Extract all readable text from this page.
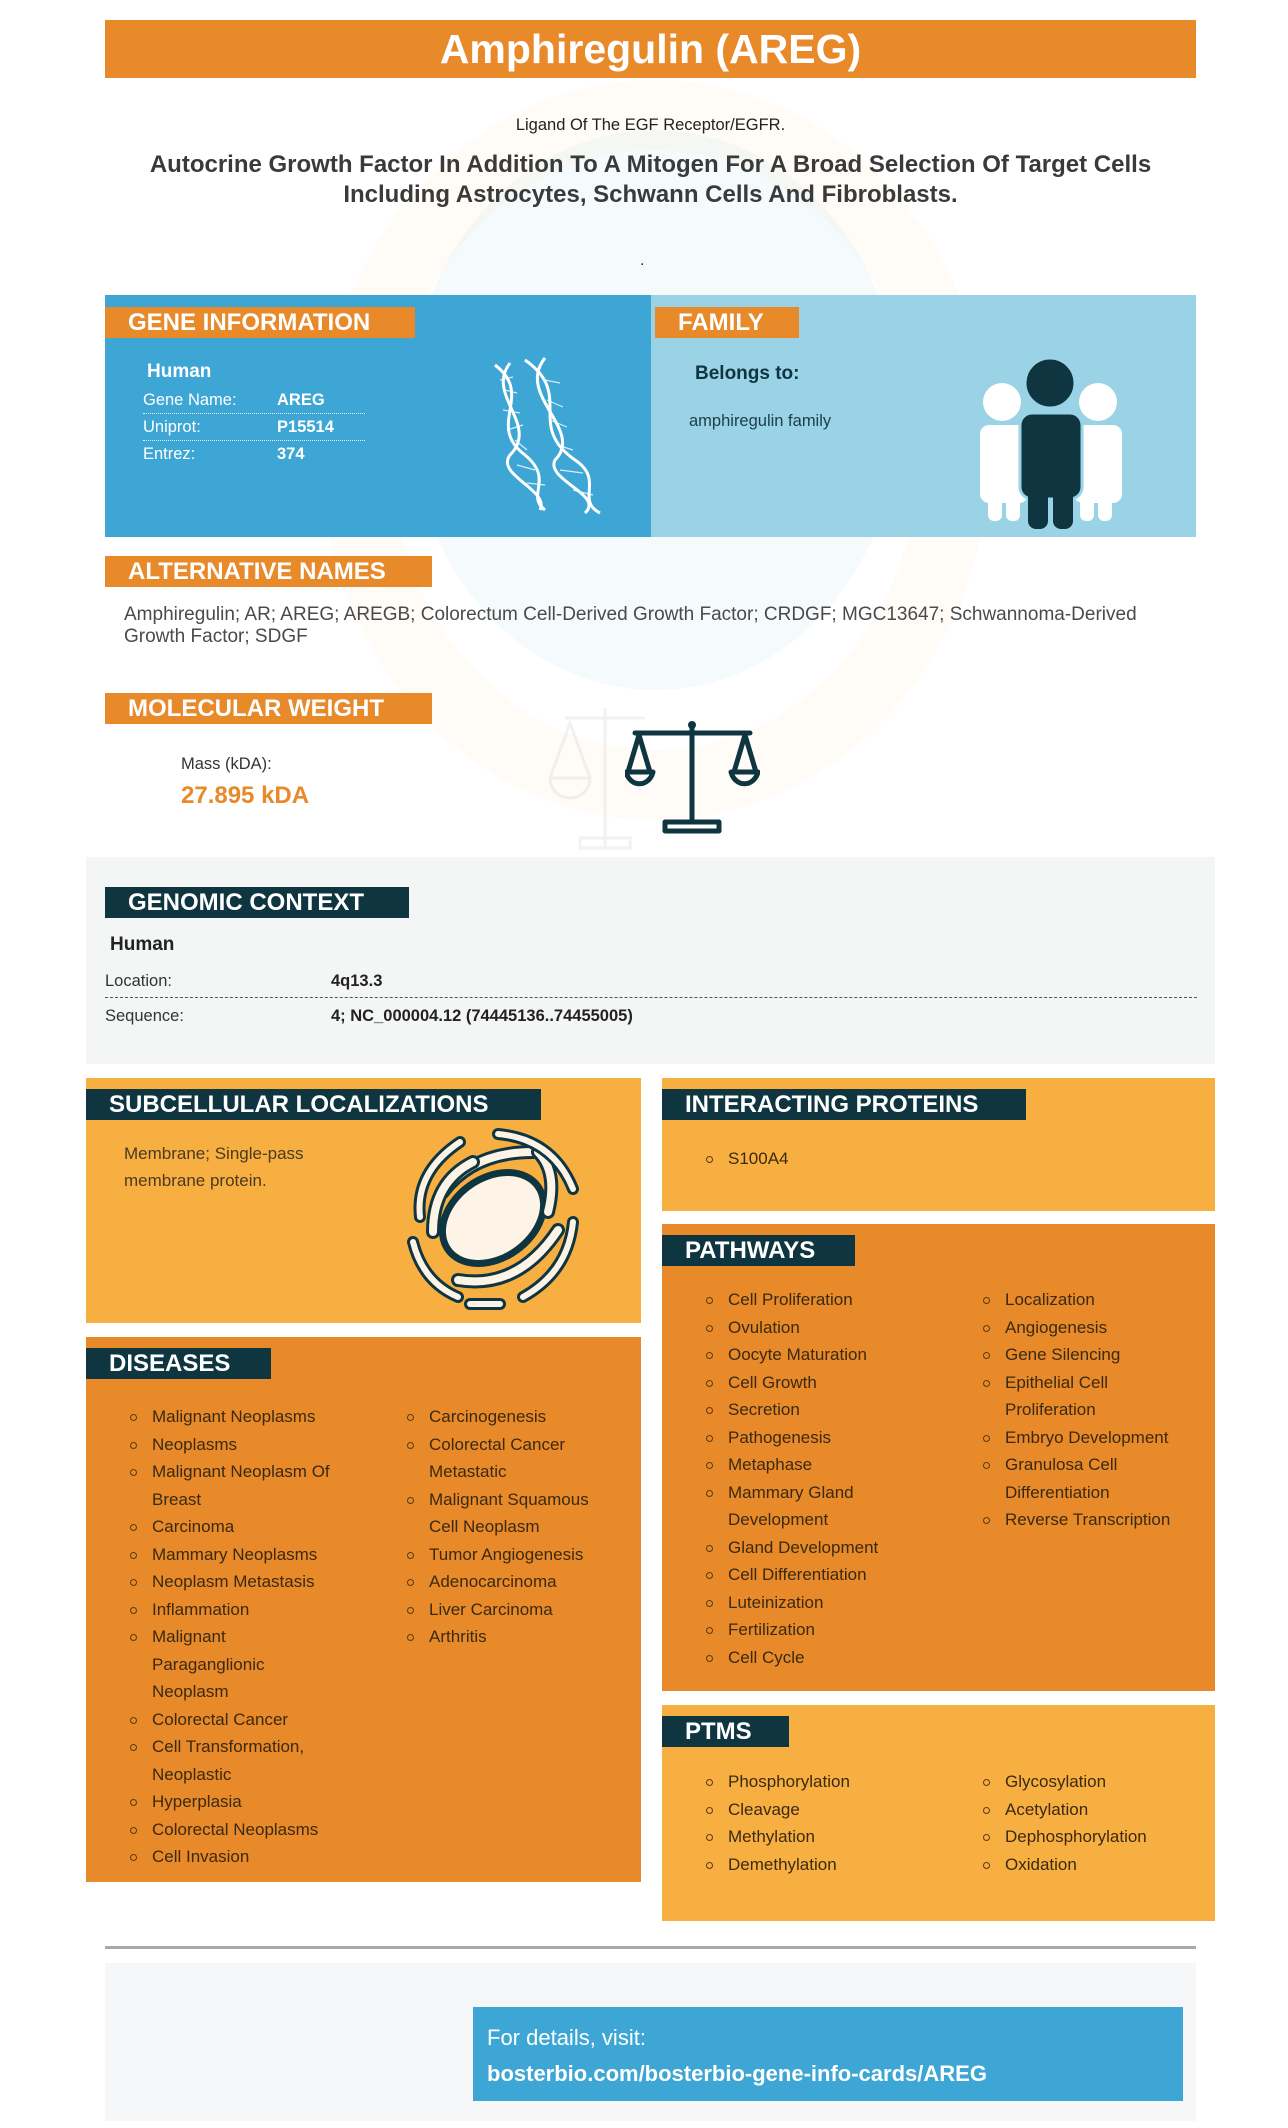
Amphiregulin (AREG)
Ligand Of The EGF Receptor/EGFR.
Autocrine Growth Factor In Addition To A Mitogen For A Broad Selection Of Target Cells Including Astrocytes, Schwann Cells And Fibroblasts.
.
GENE INFORMATION
Human
Gene Name: AREG
Uniprot:	P15514
Entrez:	374
FAMILY
Belongs to:
amphiregulin family
ALTERNATIVE NAMES
Amphiregulin; AR; AREG; AREGB; Colorectum Cell-Derived Growth Factor; CRDGF; MGC13647; Schwannoma-Derived Growth Factor; SDGF
MOLECULAR WEIGHT
Mass (kDA):
27.895 kDA
GENOMIC CONTEXT
Human
Location:	4q13.3
Sequence:	4; NC_000004.12 (74445136..74455005)
SUBCELLULAR LOCALIZATIONS
Membrane; Single-pass
membrane protein.
INTERACTING PROTEINS
S100A4
PATHWAYS
Cell Proliferation
Ovulation
Oocyte Maturation
Cell Growth
Secretion
Pathogenesis
Metaphase
Mammary Gland Development
Gland Development
Cell Differentiation
Luteinization
Fertilization
Cell Cycle
Localization
Angiogenesis
Gene Silencing
Epithelial Cell Proliferation
Embryo Development
Granulosa Cell Differentiation
Reverse Transcription
DISEASES
Malignant Neoplasms
Neoplasms
Malignant Neoplasm Of Breast
Carcinoma
Mammary Neoplasms
Neoplasm Metastasis
Inflammation
Malignant Paraganglionic Neoplasm
Colorectal Cancer
Cell Transformation, Neoplastic
Hyperplasia
Colorectal Neoplasms
Cell Invasion
Carcinogenesis
Colorectal Cancer Metastatic
Malignant Squamous Cell Neoplasm
Tumor Angiogenesis
Adenocarcinoma
Liver Carcinoma
Arthritis
PTMS
Phosphorylation
Cleavage
Methylation
Demethylation
Glycosylation
Acetylation
Dephosphorylation
Oxidation
For details, visit:
bosterbio.com/bosterbio-gene-info-cards/AREG
